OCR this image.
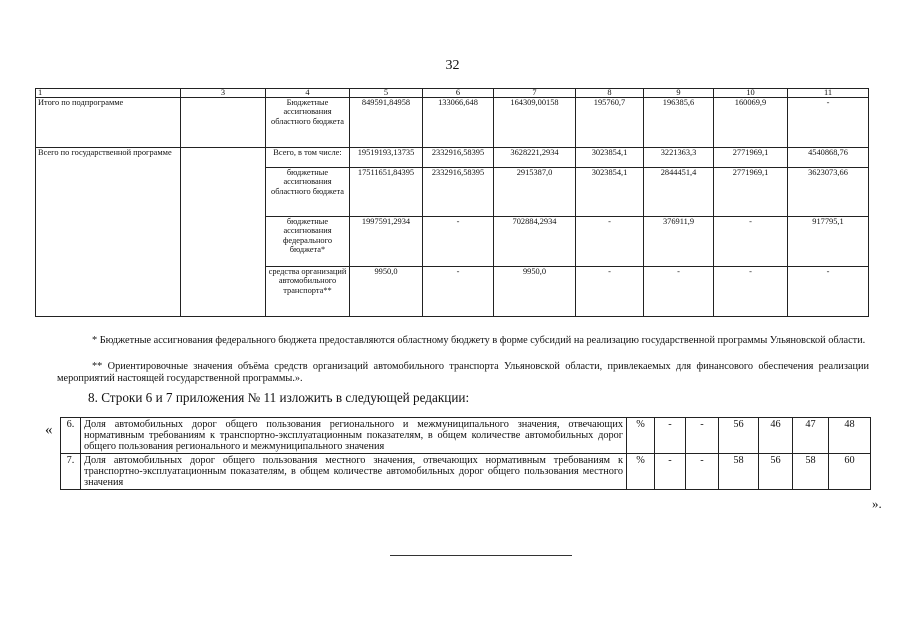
32
1		3	4	5	6	7	8	9	10	11
Итого по подпрограмме		Бюджетные ассигнования областного бюджета	849591,84958	133066,648	164309,00158	195760,7	196385,6	160069,9	-
Всего по государственной программе		Всего, в том числе:	19519193,13735	2332916,58395	3628221,2934	3023854,1	3221363,3	2771969,1	4540868,76
		бюджетные ассигнования областного бюджета	17511651,84395	2332916,58395	2915387,0	3023854,1	2844451,4	2771969,1	3623073,66
		бюджетные ассигнования федерального бюджета*	1997591,2934	-	702884,2934	-	376911,9	-	917795,1
		средства организаций автомобильного транспорта**	9950,0	-	9950,0	-	-	-	-
* Бюджетные ассигнования федерального бюджета предоставляются областному бюджету в форме субсидий на реализацию государственной программы Ульяновской области.
** Ориентировочные значения объёма средств организаций автомобильного транспорта Ульяновской области, привлекаемых для финансового обеспечения реализации мероприятий настоящей государственной программы.».
8. Строки 6 и 7 приложения № 11 изложить в следующей редакции:
« 6.	Доля автомобильных дорог общего пользования регионального и межмуниципального значения, отвечающих нормативным требованиям к транспортно-эксплуатационным показателям, в общем количестве автомобильных дорог общего пользования регионального и межмуниципального значения	%	-	-	56	46	47	48
7.	Доля автомобильных дорог общего пользования местного значения, отвечающих нормативным требованиям к транспортно-эксплуатационным показателям, в общем количестве автомобильных дорог общего пользования местного значения	%	-	-	58	56	58	60
».
